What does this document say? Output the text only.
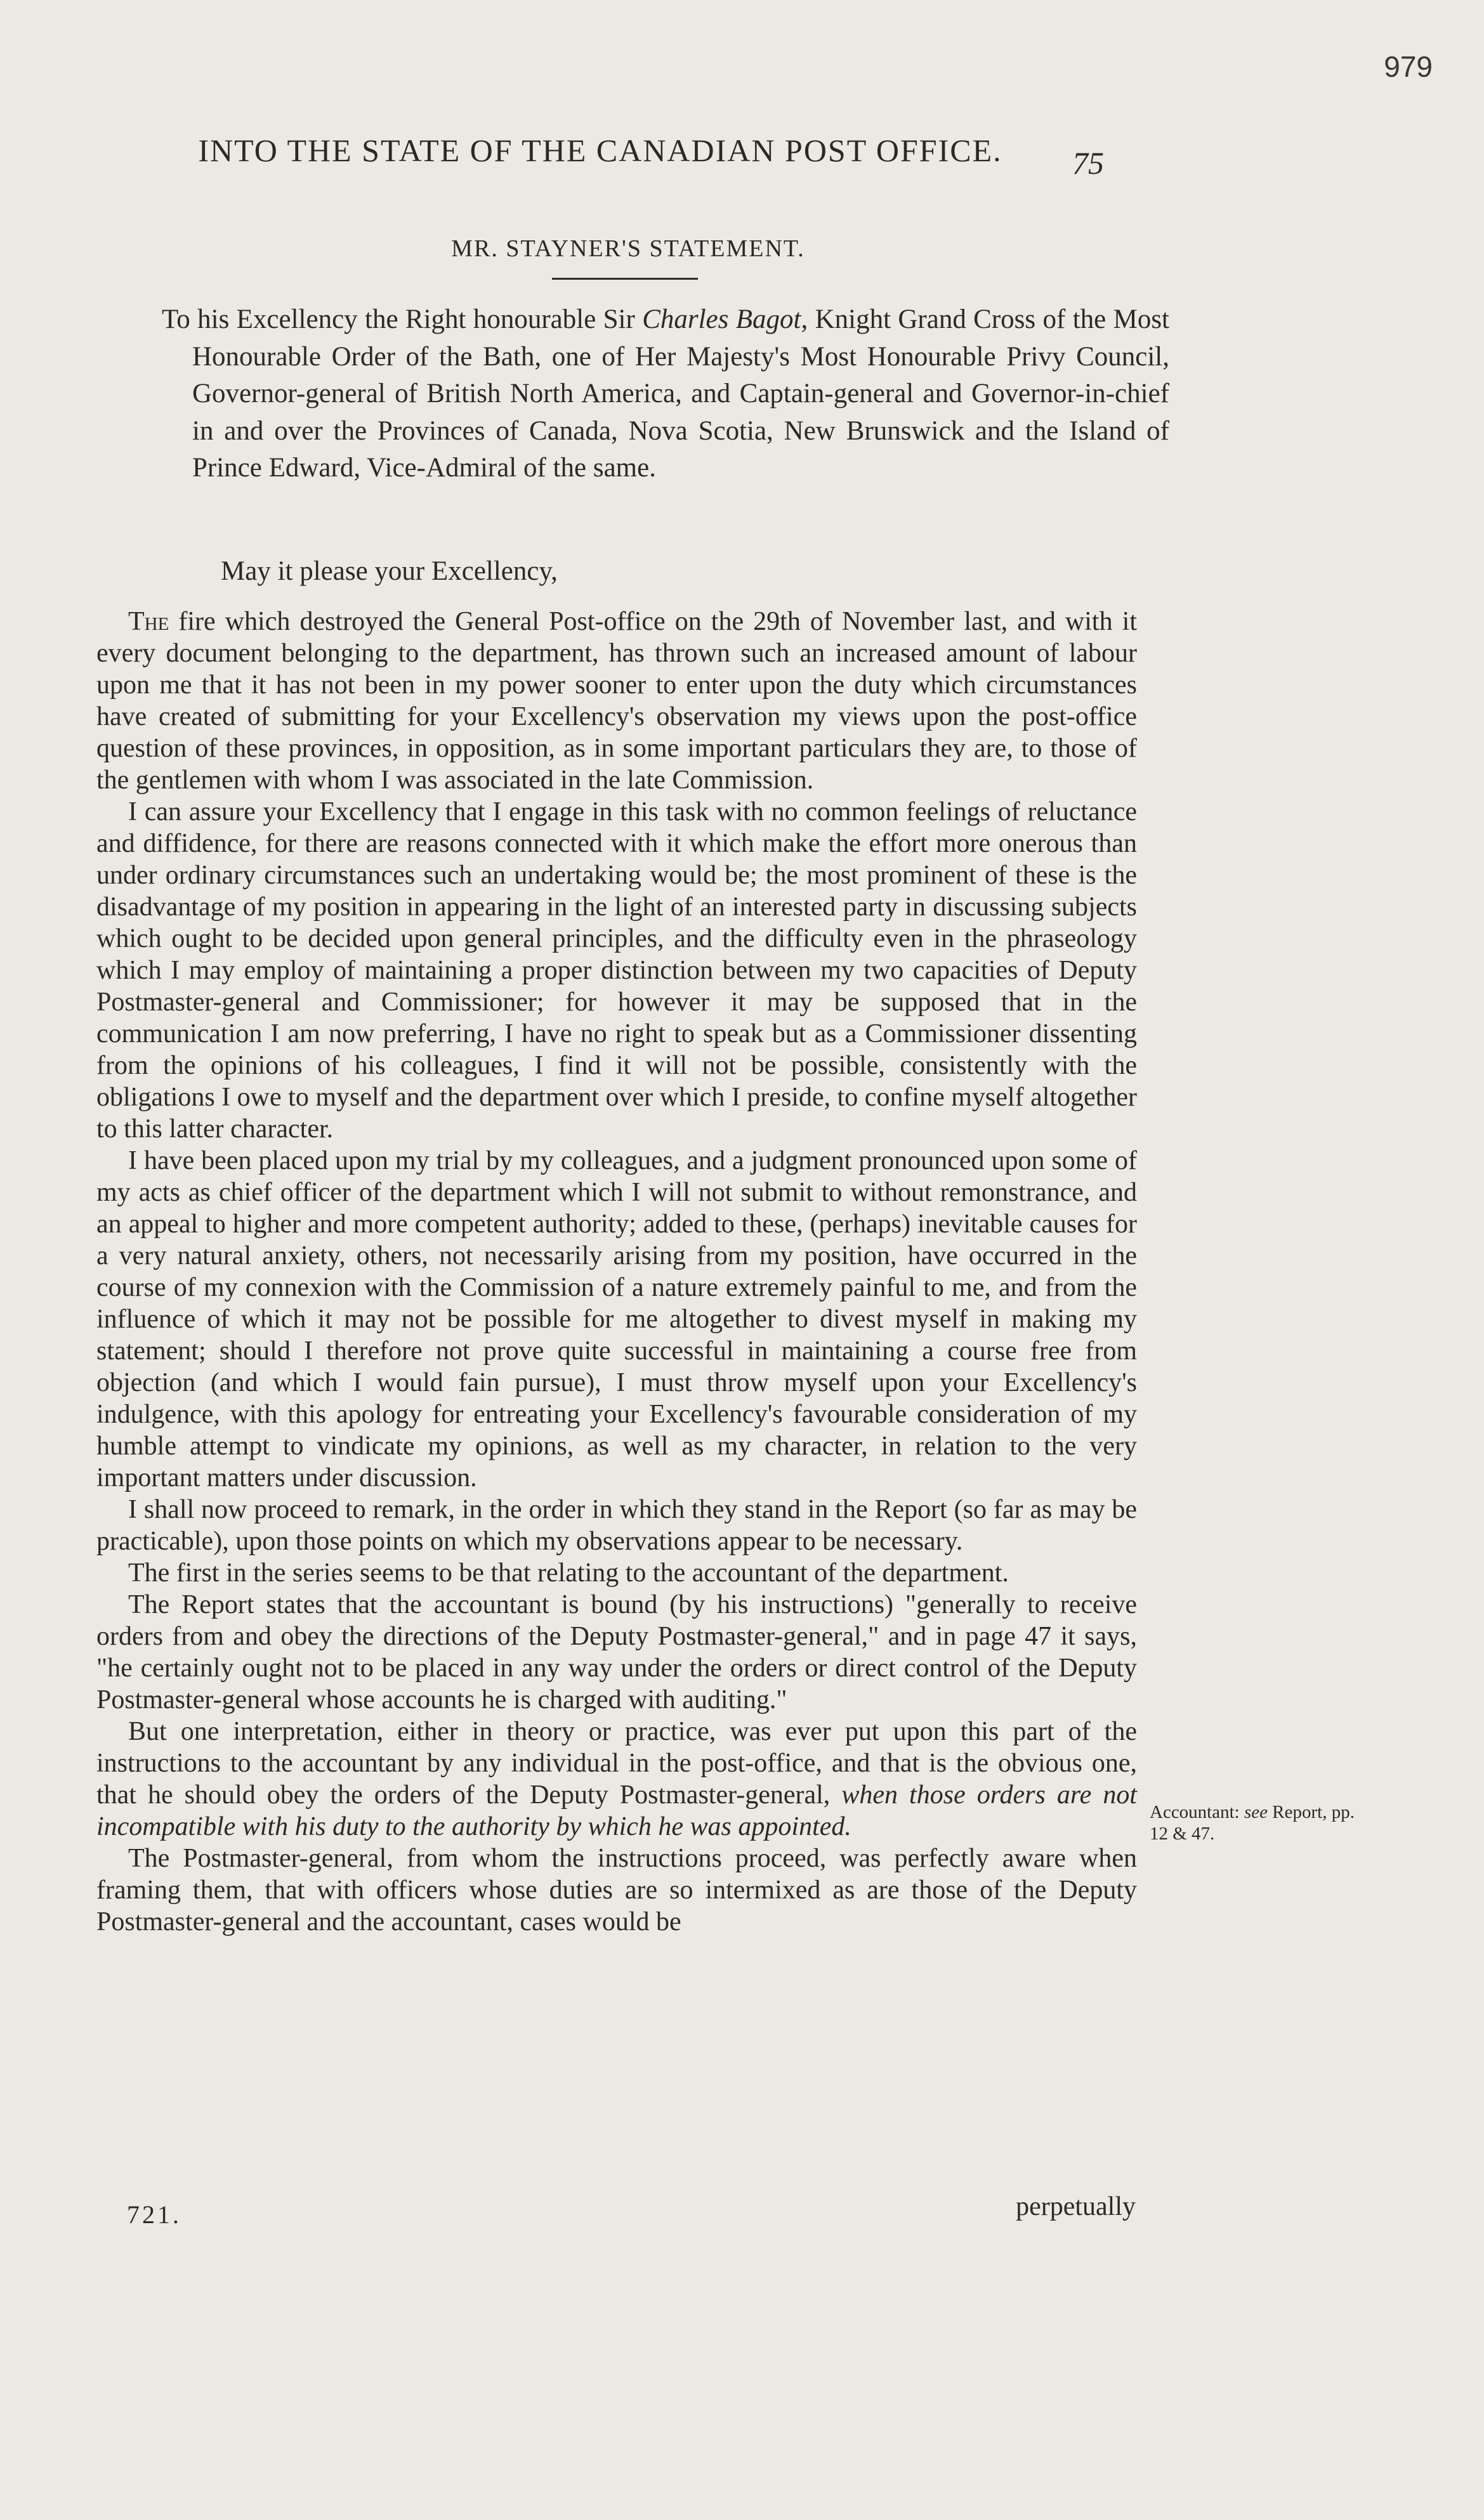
979
INTO THE STATE OF THE CANADIAN POST OFFICE. 75
MR. STAYNER'S STATEMENT.
To his Excellency the Right honourable Sir Charles Bagot, Knight Grand Cross of the Most Honourable Order of the Bath, one of Her Majesty's Most Honourable Privy Council, Governor-general of British North America, and Captain-general and Governor-in-chief in and over the Provinces of Canada, Nova Scotia, New Brunswick and the Island of Prince Edward, Vice-Admiral of the same.
May it please your Excellency,

The fire which destroyed the General Post-office on the 29th of November last, and with it every document belonging to the department, has thrown such an increased amount of labour upon me that it has not been in my power sooner to enter upon the duty which circumstances have created of submitting for your Excellency's observation my views upon the post-office question of these provinces, in opposition, as in some important particulars they are, to those of the gentlemen with whom I was associated in the late Commission.

I can assure your Excellency that I engage in this task with no common feelings of reluctance and diffidence, for there are reasons connected with it which make the effort more onerous than under ordinary circumstances such an undertaking would be; the most prominent of these is the disadvantage of my position in appearing in the light of an interested party in discussing subjects which ought to be decided upon general principles, and the difficulty even in the phraseology which I may employ of maintaining a proper distinction between my two capacities of Deputy Postmaster-general and Commissioner; for however it may be supposed that in the communication I am now preferring, I have no right to speak but as a Commissioner dissenting from the opinions of his colleagues, I find it will not be possible, consistently with the obligations I owe to myself and the department over which I preside, to confine myself altogether to this latter character.

I have been placed upon my trial by my colleagues, and a judgment pronounced upon some of my acts as chief officer of the department which I will not submit to without remonstrance, and an appeal to higher and more competent authority; added to these, (perhaps) inevitable causes for a very natural anxiety, others, not necessarily arising from my position, have occurred in the course of my connexion with the Commission of a nature extremely painful to me, and from the influence of which it may not be possible for me altogether to divest myself in making my statement; should I therefore not prove quite successful in maintaining a course free from objection (and which I would fain pursue), I must throw myself upon your Excellency's indulgence, with this apology for entreating your Excellency's favourable consideration of my humble attempt to vindicate my opinions, as well as my character, in relation to the very important matters under discussion.

I shall now proceed to remark, in the order in which they stand in the Report (so far as may be practicable), upon those points on which my observations appear to be necessary.

The first in the series seems to be that relating to the accountant of the department.

The Report states that the accountant is bound (by his instructions) "generally to receive orders from and obey the directions of the Deputy Postmaster-general," and in page 47 it says, "he certainly ought not to be placed in any way under the orders or direct control of the Deputy Postmaster-general whose accounts he is charged with auditing."

But one interpretation, either in theory or practice, was ever put upon this part of the instructions to the accountant by any individual in the post-office, and that is the obvious one, that he should obey the orders of the Deputy Postmaster-general, when those orders are not incompatible with his duty to the authority by which he was appointed.

The Postmaster-general, from whom the instructions proceed, was perfectly aware when framing them, that with officers whose duties are so intermixed as are those of the Deputy Postmaster-general and the accountant, cases would be

Accountant: see Report, pp. 12 & 47.
721.	perpetually
